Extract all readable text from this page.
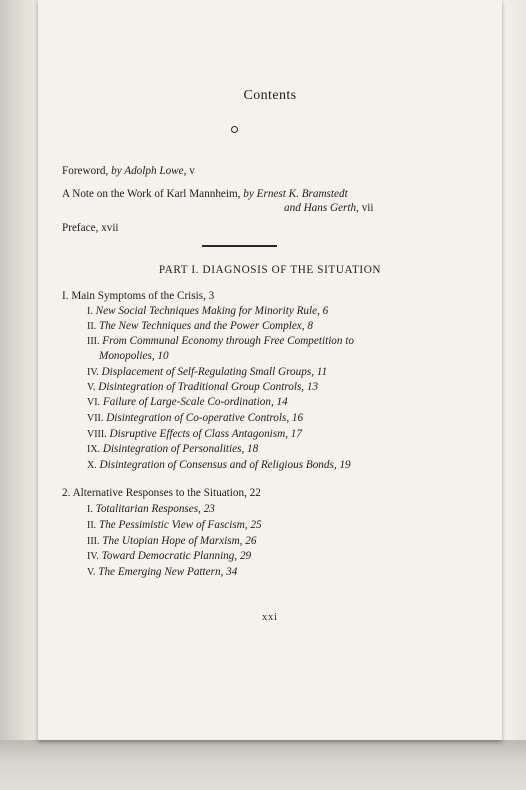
Contents
Foreword, by Adolph Lowe, v
A Note on the Work of Karl Mannheim, by Ernest K. Bramstedt
and Hans Gerth, vii
Preface, xvii
PART I. DIAGNOSIS OF THE SITUATION
I. Main Symptoms of the Crisis, 3
I. New Social Techniques Making for Minority Rule, 6
II. The New Techniques and the Power Complex, 8
III. From Communal Economy through Free Competition to
Monopolies, 10
IV. Displacement of Self-Regulating Small Groups, 11
V. Disintegration of Traditional Group Controls, 13
VI. Failure of Large-Scale Co-ordination, 14
VII. Disintegration of Co-operative Controls, 16
VIII. Disruptive Effects of Class Antagonism, 17
IX. Disintegration of Personalities, 18
X. Disintegration of Consensus and of Religious Bonds, 19
2. Alternative Responses to the Situation, 22
I. Totalitarian Responses, 23
II. The Pessimistic View of Fascism, 25
III. The Utopian Hope of Marxism, 26
IV. Toward Democratic Planning, 29
V. The Emerging New Pattern, 34
xxi
